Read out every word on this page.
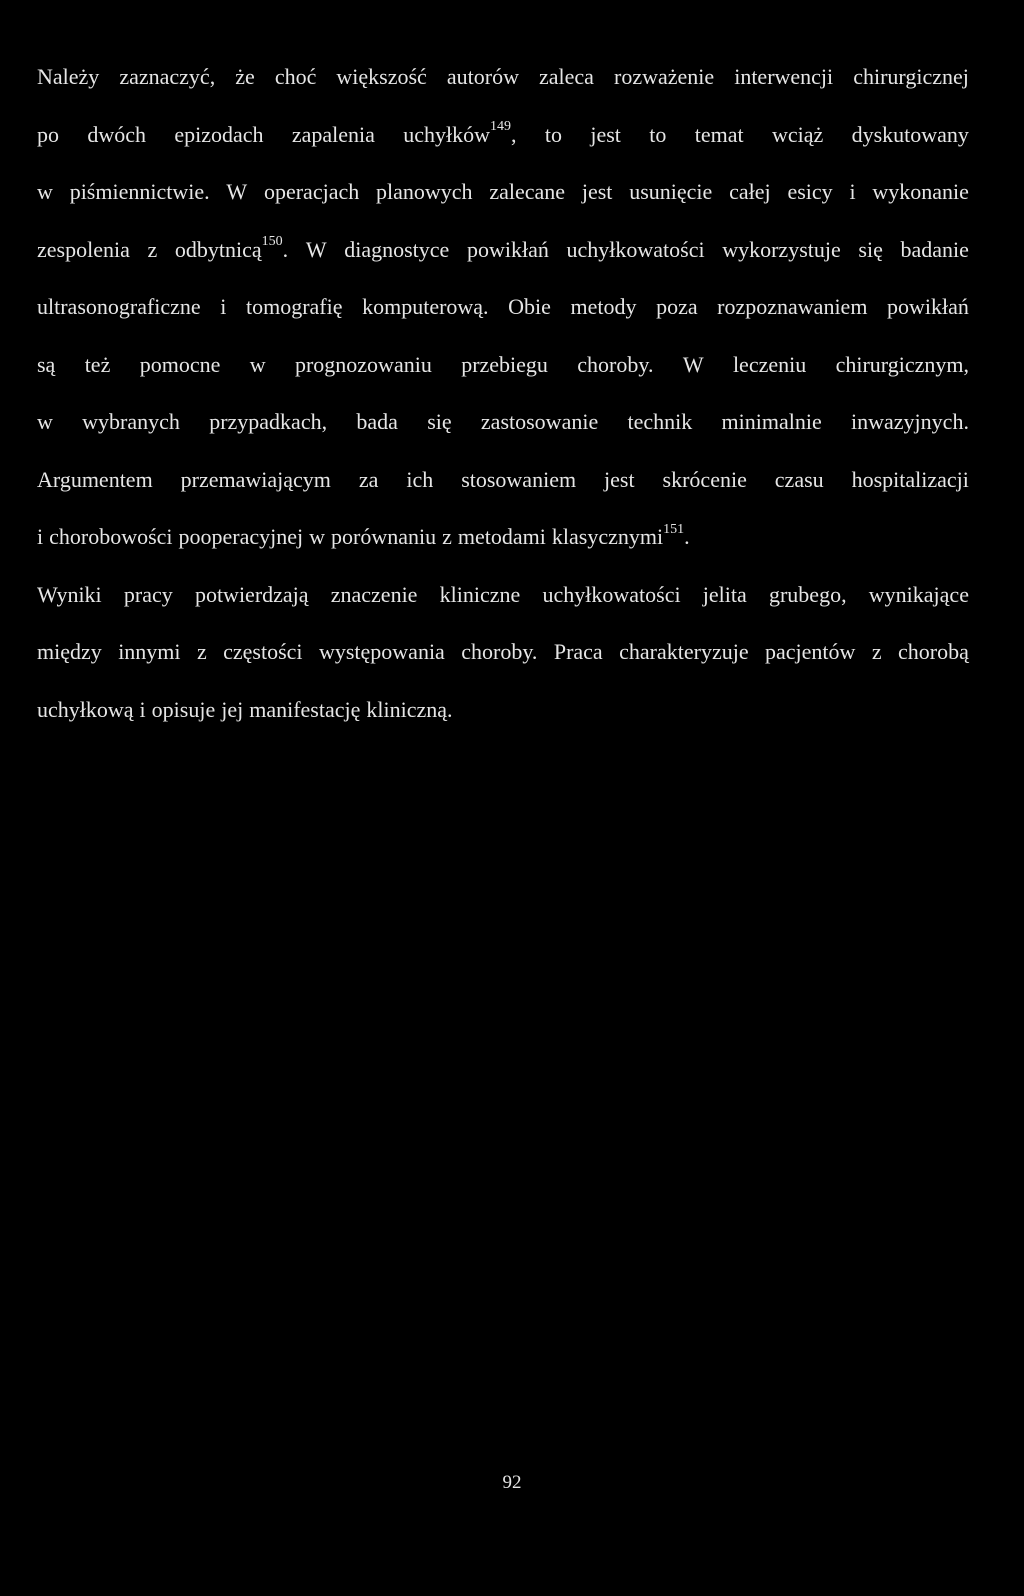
Należy zaznaczyć, że choć większość autorów zaleca rozważenie interwencji chirurgicznej
po dwóch epizodach zapalenia uchyłków$^{149}$, to jest to temat wciąż dyskutowany
w piśmiennictwie. W operacjach planowych zalecane jest usunięcie całej esicy i wykonanie
zespolenia z odbytnicą$^{150}$. W diagnostyce powikłań uchyłkowatości wykorzystuje się badanie
ultrasonograficzne i tomografię komputerową. Obie metody poza rozpoznawaniem powikłań
są też pomocne w prognozowaniu przebiegu choroby. W leczeniu chirurgicznym,
w wybranych przypadkach, bada się zastosowanie technik minimalnie inwazyjnych.
Argumentem przemawiającym za ich stosowaniem jest skrócenie czasu hospitalizacji
i chorobowości pooperacyjnej w porównaniu z metodami klasycznymi$^{151}$.
Wyniki pracy potwierdzają znaczenie kliniczne uchyłkowatości jelita grubego, wynikające
między innymi z częstości występowania choroby. Praca charakteryzuje pacjentów z chorobą
uchyłkową i opisuje jej manifestację kliniczną.
92
